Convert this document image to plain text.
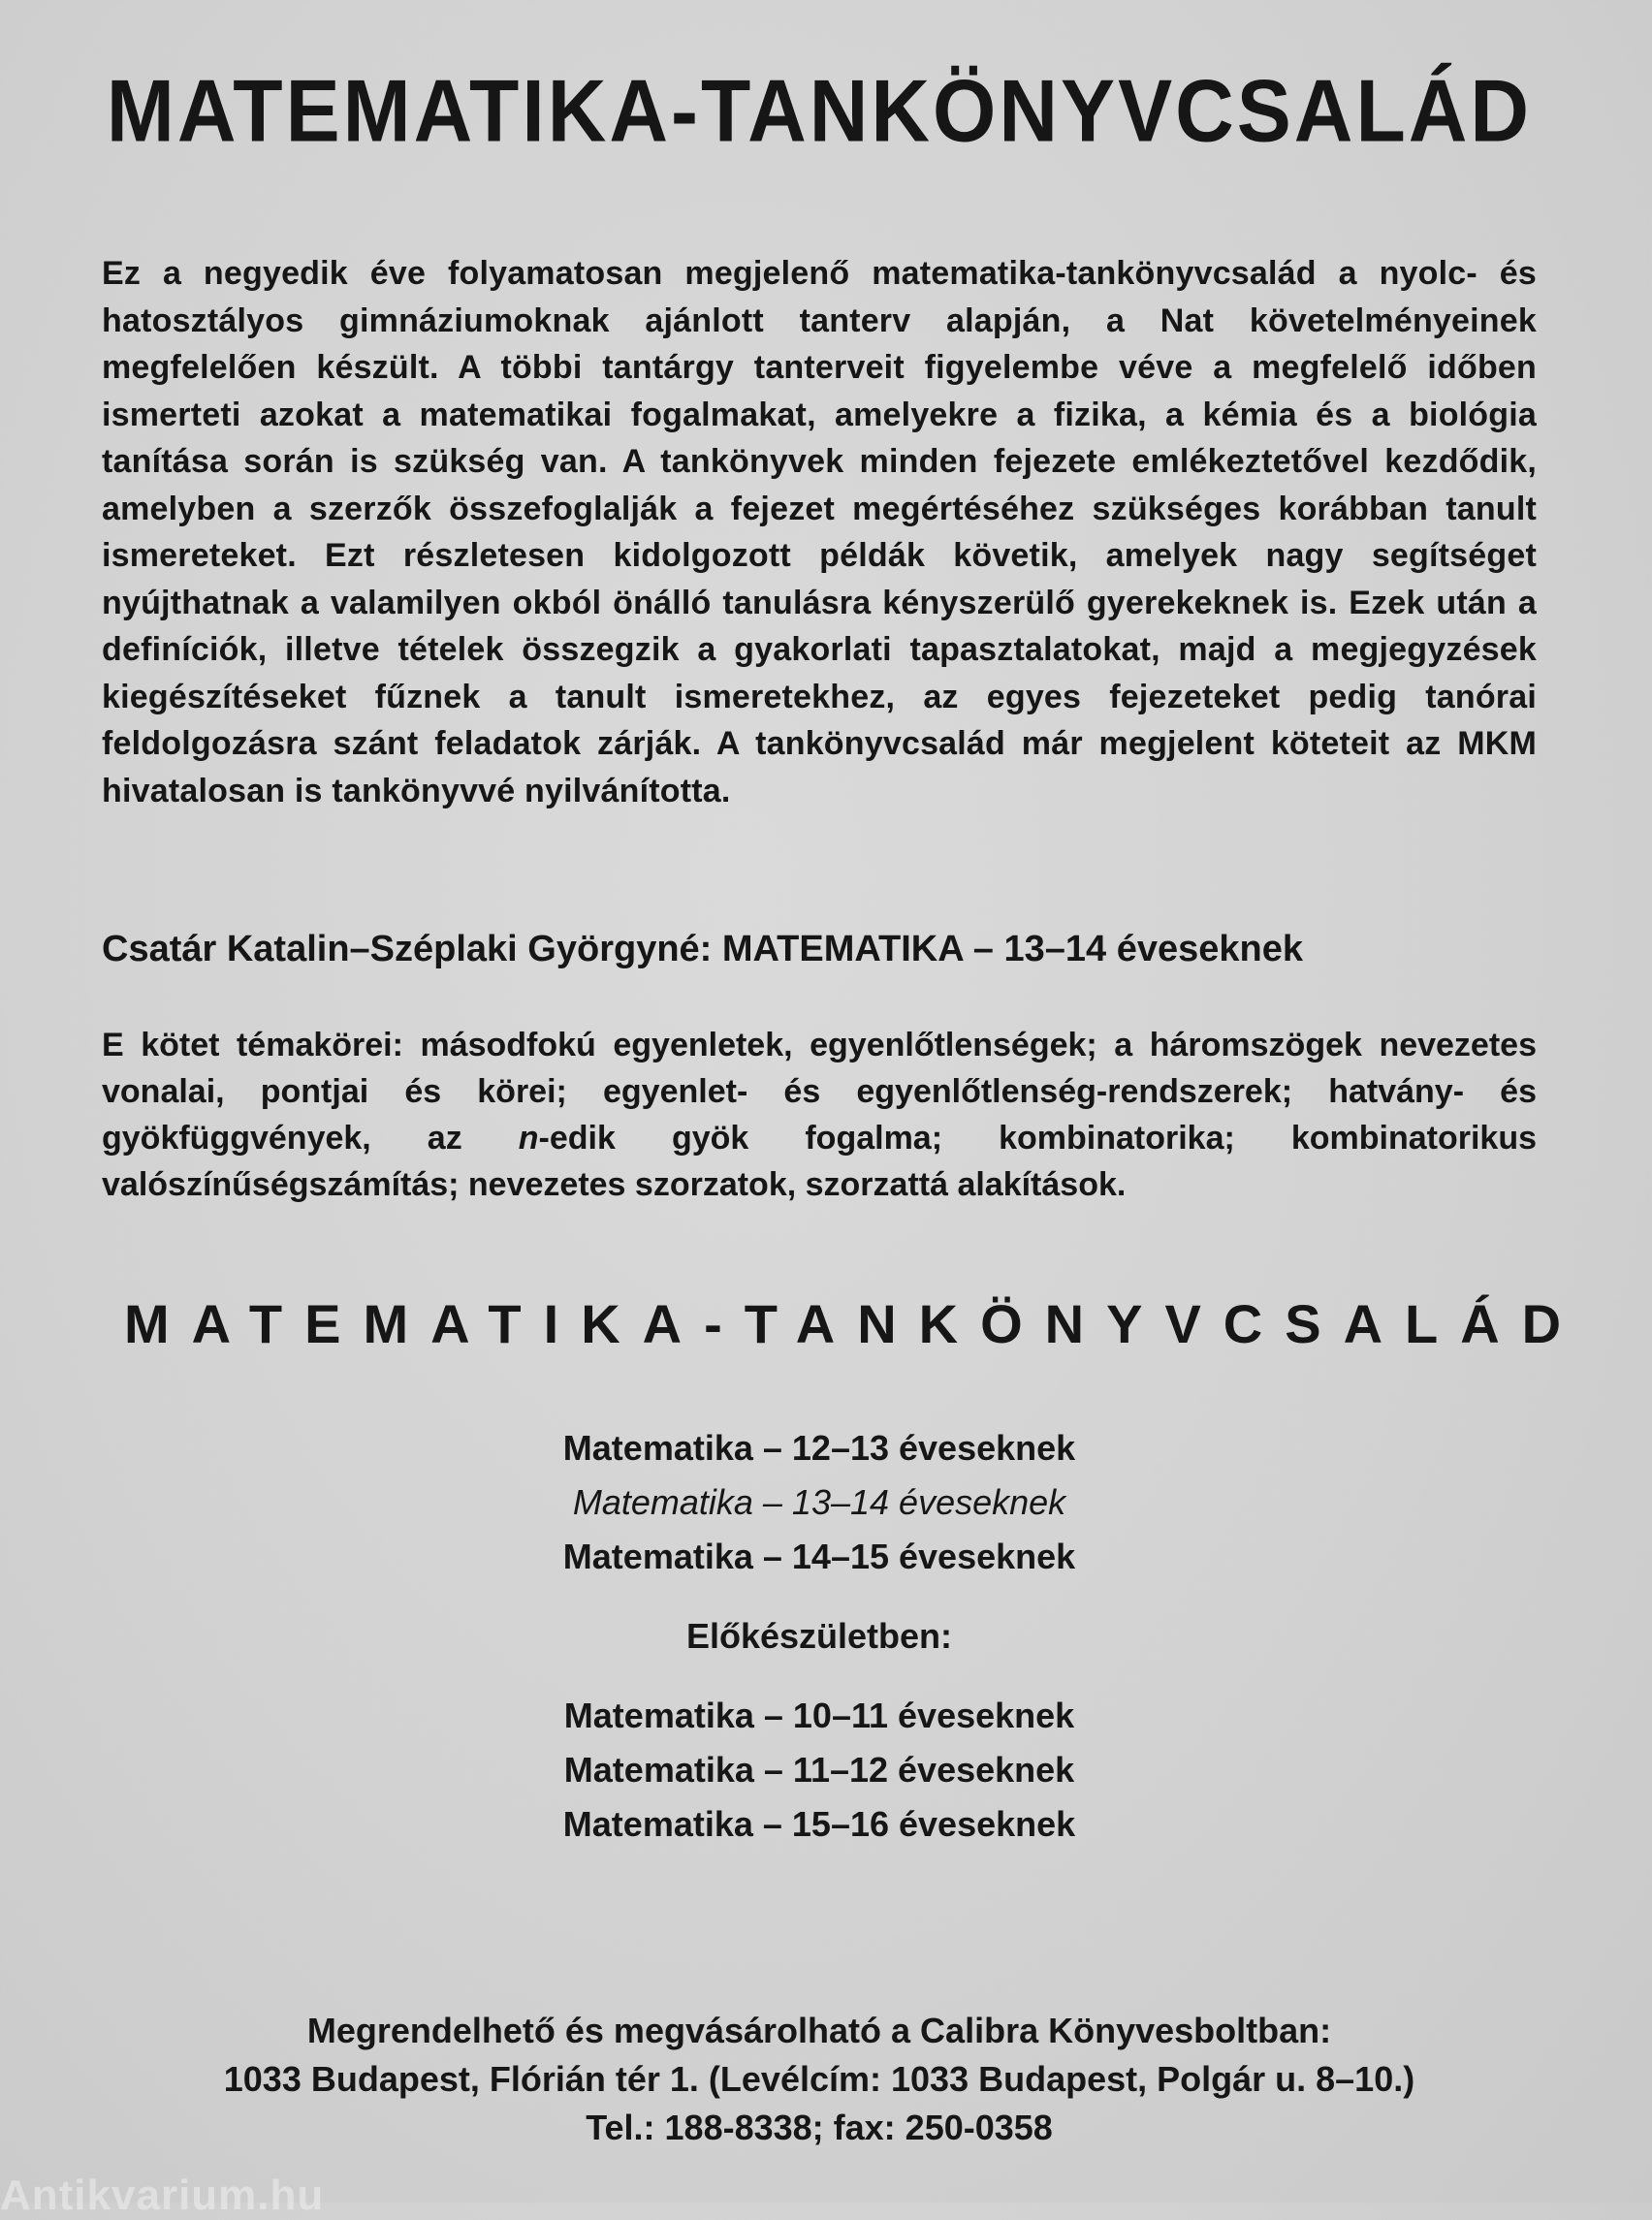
MATEMATIKA-TANKÖNYVCSALÁD

Ez a negyedik éve folyamatosan megjelenő matematika-tankönyvcsalád a nyolc- és hatosztályos gimnáziumoknak ajánlott tanterv alapján, a Nat követelményeinek megfelelően készült. A többi tantárgy tanterveit figyelembe véve a megfelelő időben ismerteti azokat a matematikai fogalmakat, amelyekre a fizika, a kémia és a biológia tanítása során is szükség van. A tankönyvek minden fejezete emlékeztetővel kezdődik, amelyben a szerzők összefoglalják a fejezet megértéséhez szükséges korábban tanult ismereteket. Ezt részletesen kidolgozott példák követik, amelyek nagy segítséget nyújthatnak a valamilyen okból önálló tanulásra kényszerülő gyerekeknek is. Ezek után a definíciók, illetve tételek összegzik a gyakorlati tapasztalatokat, majd a megjegyzések kiegészítéseket fűznek a tanult ismeretekhez, az egyes fejezeteket pedig tanórai feldolgozásra szánt feladatok zárják. A tankönyvcsalád már megjelent köteteit az MKM hivatalosan is tankönyvvé nyilvánította.

Csatár Katalin–Széplaki Györgyné: MATEMATIKA – 13–14 éveseknek

E kötet témakörei: másodfokú egyenletek, egyenlőtlenségek; a háromszögek nevezetes vonalai, pontjai és körei; egyenlet- és egyenlőtlenség-rendszerek; hatvány- és gyökfüggvények, az n-edik gyök fogalma; kombinatorika; kombinatorikus valószínűségszámítás; nevezetes szorzatok, szorzattá alakítások.

MATEMATIKA-TANKÖNYVCSALÁD
Matematika – 12–13 éveseknek
Matematika – 13–14 éveseknek
Matematika – 14–15 éveseknek
Előkészületben:
Matematika – 10–11 éveseknek
Matematika – 11–12 éveseknek
Matematika – 15–16 éveseknek
Megrendelhető és megvásárolható a Calibra Könyvesboltban:
1033 Budapest, Flórián tér 1. (Levélcím: 1033 Budapest, Polgár u. 8–10.)
Tel.: 188-8338; fax: 250-0358
Antikvarium.hu
